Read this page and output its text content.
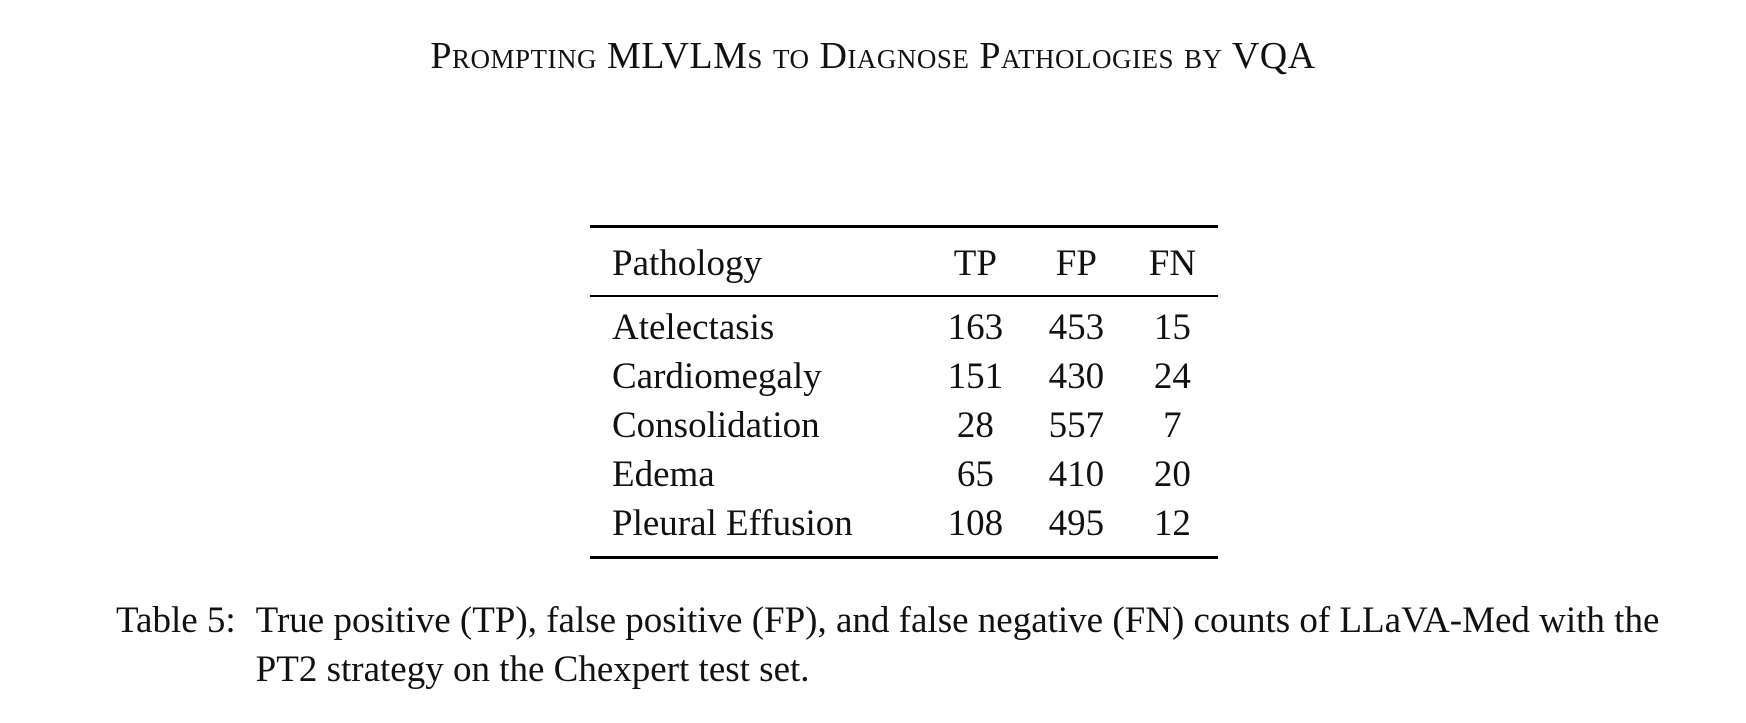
Prompting MLVLMs to Diagnose Pathologies by VQA
Pathology	TP	FP	FN
Atelectasis	163	453	15
Cardiomegaly	151	430	24
Consolidation	28	557	7
Edema	65	410	20
Pleural Effusion	108	495	12
Table 5: True positive (TP), false positive (FP), and false negative (FN) counts of LLaVA-Med with the PT2 strategy on the Chexpert test set.
